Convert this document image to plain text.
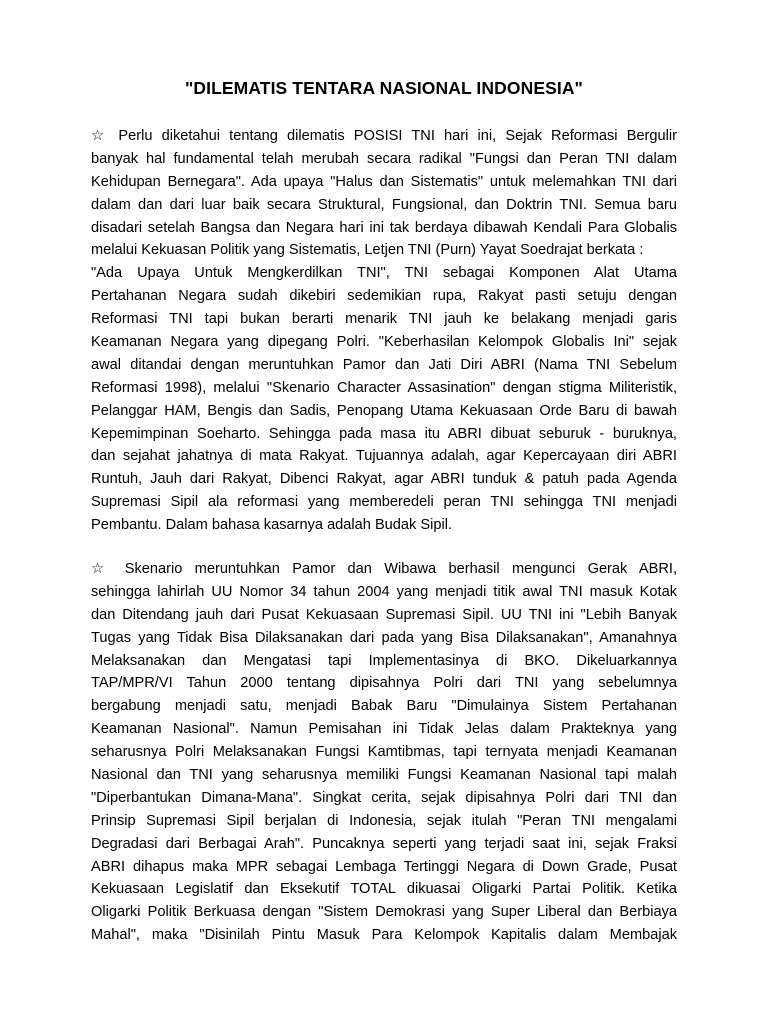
"DILEMATIS TENTARA NASIONAL INDONESIA"
☆ Perlu diketahui tentang dilematis POSISI TNI hari ini, Sejak Reformasi Bergulir
banyak hal fundamental telah merubah secara radikal "Fungsi dan Peran TNI dalam
Kehidupan Bernegara". Ada upaya "Halus dan Sistematis" untuk melemahkan TNI dari
dalam dan dari luar baik secara Struktural, Fungsional, dan Doktrin TNI. Semua baru
disadari setelah Bangsa dan Negara hari ini tak berdaya dibawah Kendali Para Globalis
melalui Kekuasan Politik yang Sistematis, Letjen TNI (Purn) Yayat Soedrajat berkata :
"Ada Upaya Untuk Mengkerdilkan TNI", TNI sebagai Komponen Alat Utama
Pertahanan Negara sudah dikebiri sedemikian rupa, Rakyat pasti setuju dengan
Reformasi TNI tapi bukan berarti menarik TNI jauh ke belakang menjadi garis
Keamanan Negara yang dipegang Polri. "Keberhasilan Kelompok Globalis Ini" sejak
awal ditandai dengan meruntuhkan Pamor dan Jati Diri ABRI (Nama TNI Sebelum
Reformasi 1998), melalui "Skenario Character Assasination" dengan stigma Militeristik,
Pelanggar HAM, Bengis dan Sadis, Penopang Utama Kekuasaan Orde Baru di bawah
Kepemimpinan Soeharto. Sehingga pada masa itu ABRI dibuat seburuk - buruknya,
dan sejahat jahatnya di mata Rakyat. Tujuannya adalah, agar Kepercayaan diri ABRI
Runtuh, Jauh dari Rakyat, Dibenci Rakyat, agar ABRI tunduk & patuh pada Agenda
Supremasi Sipil ala reformasi yang memberedeli peran TNI sehingga TNI menjadi
Pembantu. Dalam bahasa kasarnya adalah Budak Sipil.
☆ Skenario meruntuhkan Pamor dan Wibawa berhasil mengunci Gerak ABRI,
sehingga lahirlah UU Nomor 34 tahun 2004 yang menjadi titik awal TNI masuk Kotak
dan Ditendang jauh dari Pusat Kekuasaan Supremasi Sipil. UU TNI ini "Lebih Banyak
Tugas yang Tidak Bisa Dilaksanakan dari pada yang Bisa Dilaksanakan", Amanahnya
Melaksanakan dan Mengatasi tapi Implementasinya di BKO. Dikeluarkannya
TAP/MPR/VI Tahun 2000 tentang dipisahnya Polri dari TNI yang sebelumnya
bergabung menjadi satu, menjadi Babak Baru "Dimulainya Sistem Pertahanan
Keamanan Nasional". Namun Pemisahan ini Tidak Jelas dalam Prakteknya yang
seharusnya Polri Melaksanakan Fungsi Kamtibmas, tapi ternyata menjadi Keamanan
Nasional dan TNI yang seharusnya memiliki Fungsi Keamanan Nasional tapi malah
"Diperbantukan Dimana-Mana". Singkat cerita, sejak dipisahnya Polri dari TNI dan
Prinsip Supremasi Sipil berjalan di Indonesia, sejak itulah "Peran TNI mengalami
Degradasi dari Berbagai Arah". Puncaknya seperti yang terjadi saat ini, sejak Fraksi
ABRI dihapus maka MPR sebagai Lembaga Tertinggi Negara di Down Grade, Pusat
Kekuasaan Legislatif dan Eksekutif TOTAL dikuasai Oligarki Partai Politik. Ketika
Oligarki Politik Berkuasa dengan "Sistem Demokrasi yang Super Liberal dan Berbiaya
Mahal", maka "Disinilah Pintu Masuk Para Kelompok Kapitalis dalam Membajak
